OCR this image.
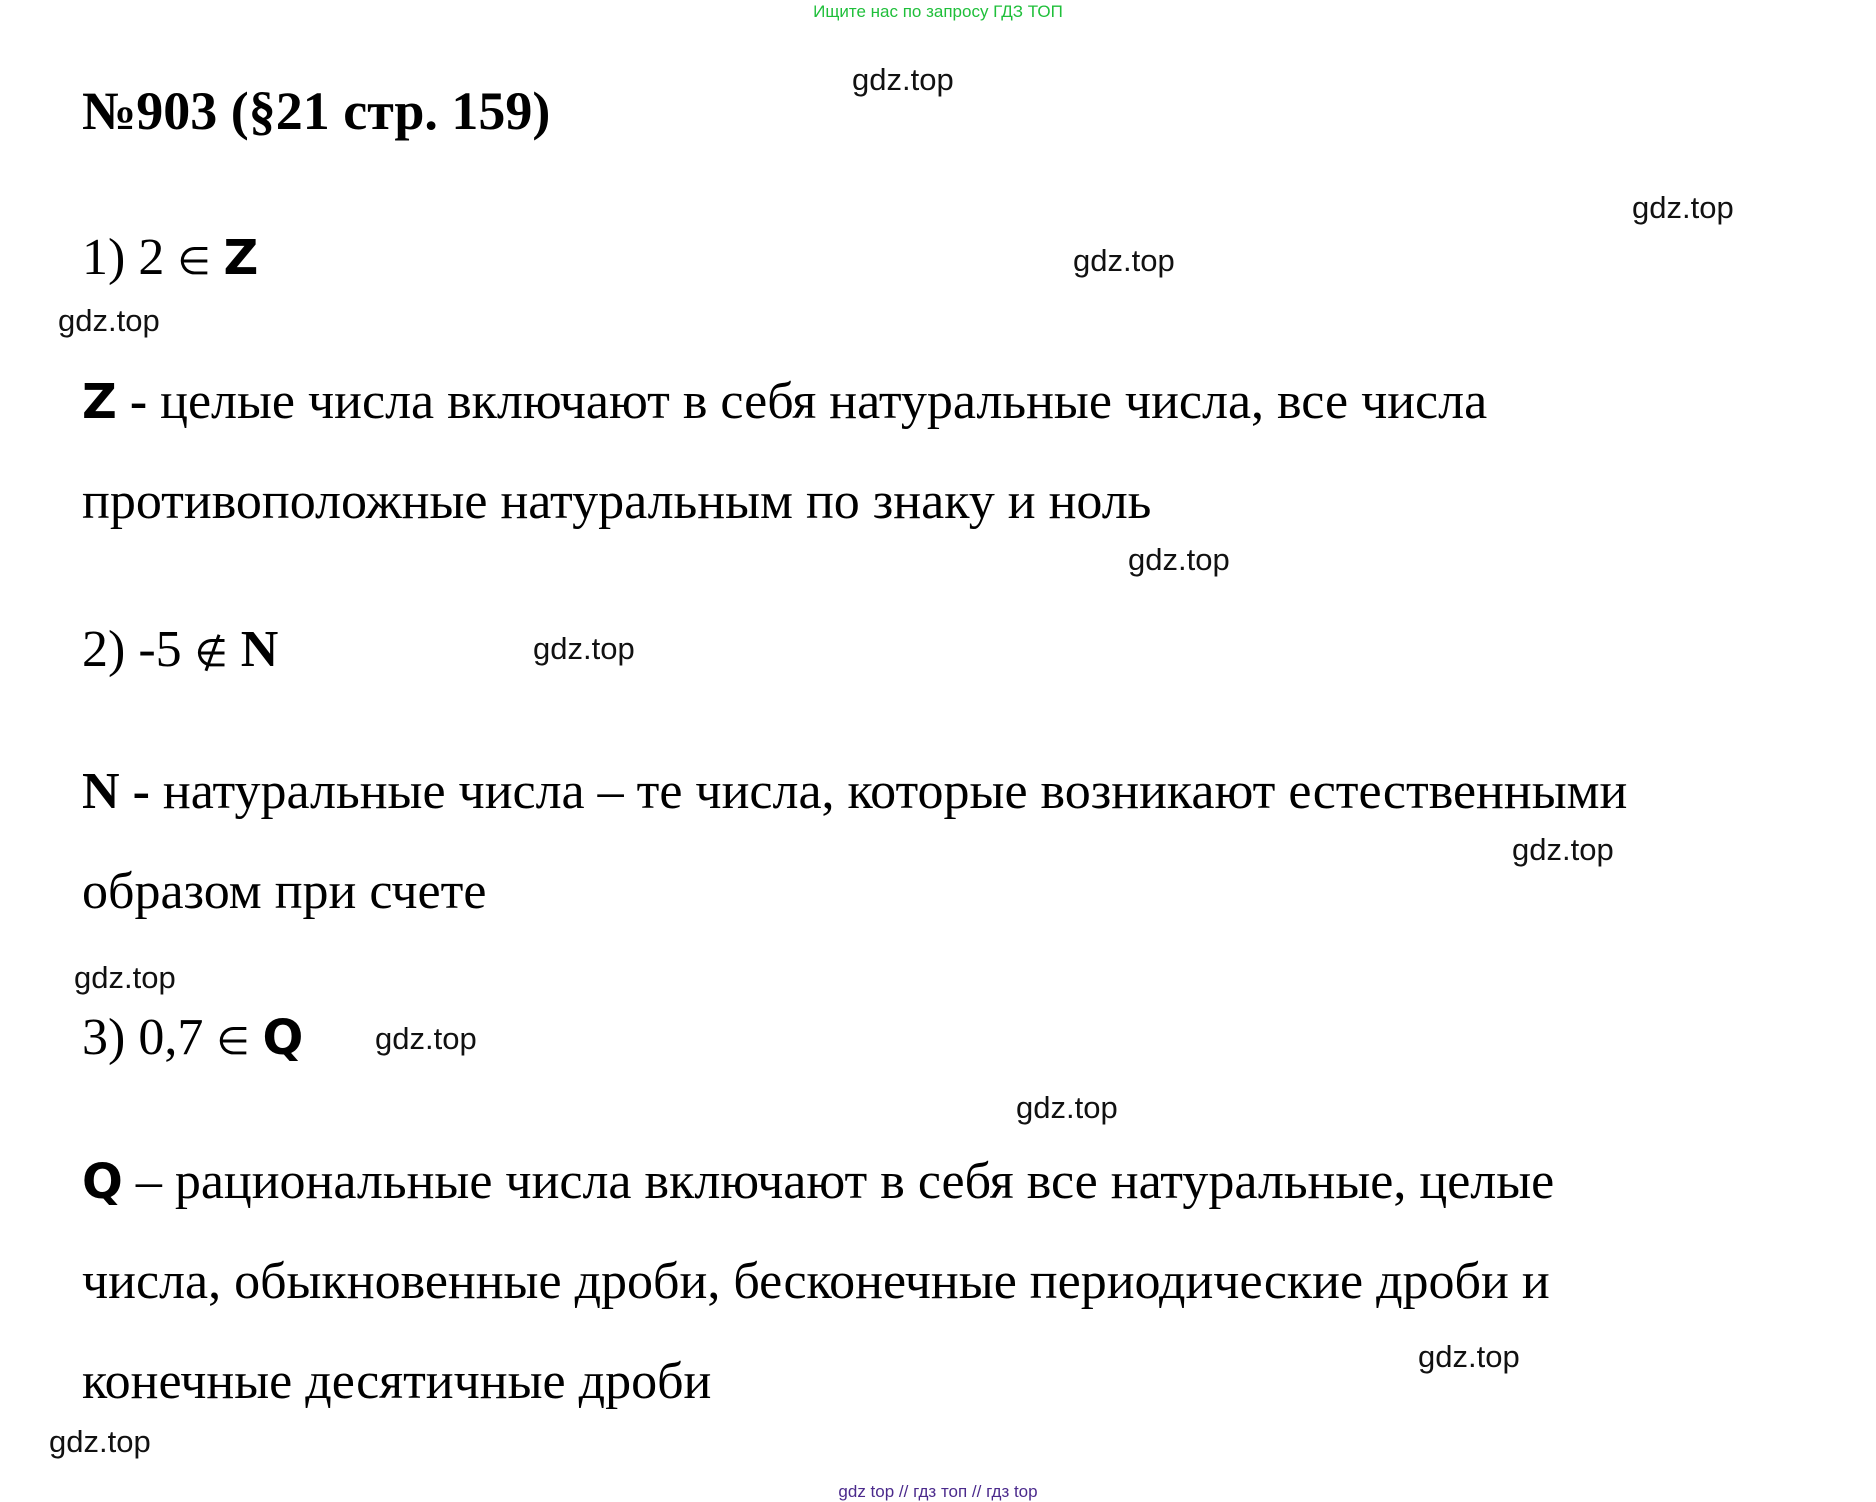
Ищите нас по запросу ГДЗ ТОП
№903 (§21 стр. 159)
1) 2 ∈ Z
Z - целые числа включают в себя натуральные числа, все числа
противоположные натуральным по знаку и ноль
2) -5 ∉ N
N - натуральные числа – те числа, которые возникают естественными
образом при счете
3) 0,7 ∈ Q
Q – рациональные числа включают в себя все натуральные, целые
числа, обыкновенные дроби, бесконечные периодические дроби и
конечные десятичные дроби
gdz.top
gdz.top
gdz.top
gdz.top
gdz.top
gdz.top
gdz.top
gdz.top
gdz.top
gdz.top
gdz.top
gdz.top
gdz top // гдз топ // гдз top
